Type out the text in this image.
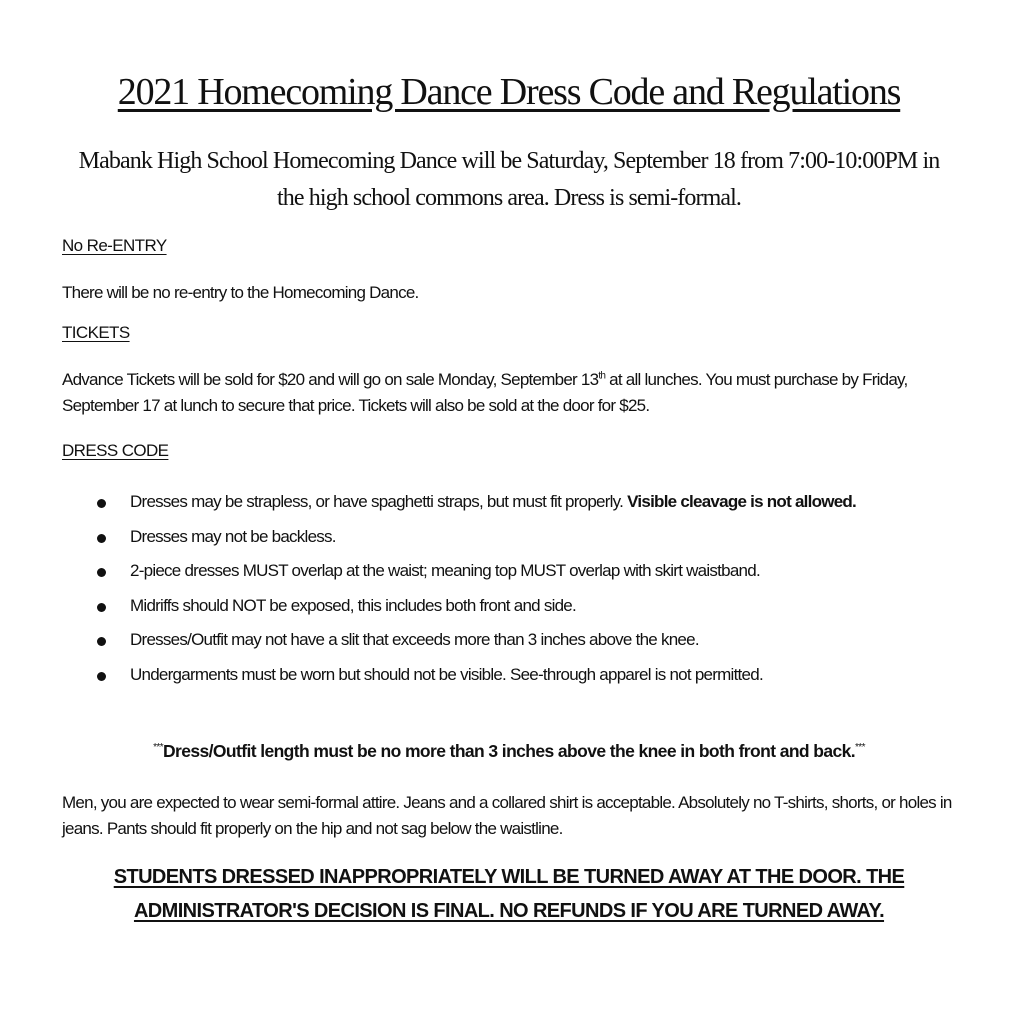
2021 Homecoming Dance Dress Code and Regulations
Mabank High School Homecoming Dance will be Saturday, September 18 from 7:00-10:00PM in the high school commons area. Dress is semi-formal.
No Re-ENTRY
There will be no re-entry to the Homecoming Dance.
TICKETS
Advance Tickets will be sold for $20 and will go on sale Monday, September 13th at all lunches. You must purchase by Friday, September 17 at lunch to secure that price. Tickets will also be sold at the door for $25.
DRESS CODE
Dresses may be strapless, or have spaghetti straps, but must fit properly. Visible cleavage is not allowed.
Dresses may not be backless.
2-piece dresses MUST overlap at the waist; meaning top MUST overlap with skirt waistband.
Midriffs should NOT be exposed, this includes both front and side.
Dresses/Outfit may not have a slit that exceeds more than 3 inches above the knee.
Undergarments must be worn but should not be visible. See-through apparel is not permitted.
***Dress/Outfit length must be no more than 3 inches above the knee in both front and back.***
Men, you are expected to wear semi-formal attire. Jeans and a collared shirt is acceptable. Absolutely no T-shirts, shorts, or holes in jeans. Pants should fit properly on the hip and not sag below the waistline.
STUDENTS DRESSED INAPPROPRIATELY WILL BE TURNED AWAY AT THE DOOR. THE ADMINISTRATOR'S DECISION IS FINAL. NO REFUNDS IF YOU ARE TURNED AWAY.
